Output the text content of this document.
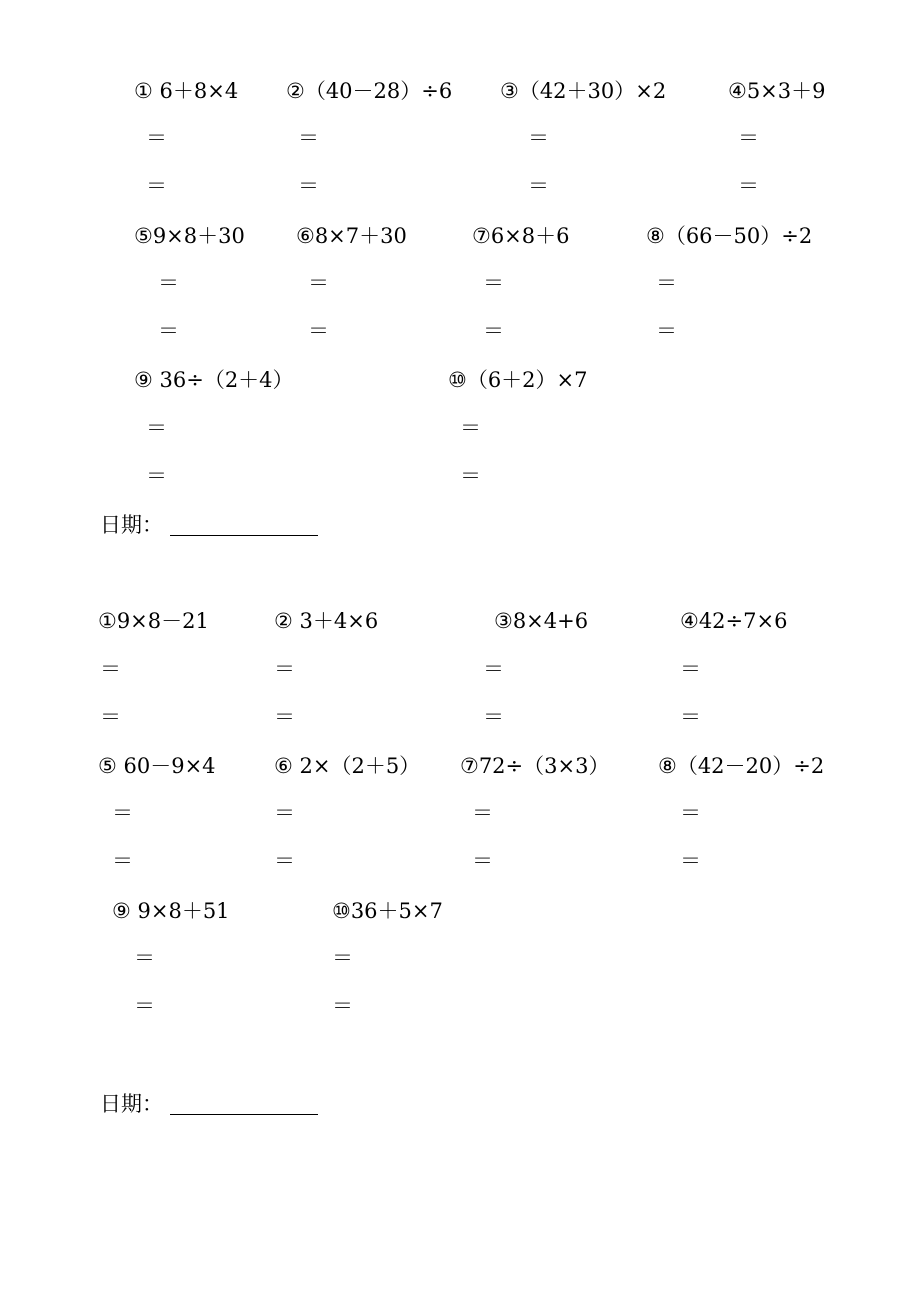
① 6＋8×4 ②（40－28）÷6 ③（42＋30）×2	④5×3＋9
＝	＝	＝	＝
＝	＝	＝	＝
⑤9×8＋30 ⑥8×7＋30	⑦6×8＋6	⑧（66－50）÷2
＝	＝	＝	＝
＝	＝	＝	＝
⑨ 36÷（2＋4）	⑩（6＋2）×7
＝	＝
＝	＝
日期：
①9×8－21	② 3＋4×6	③8×4+6	④42÷7×6
＝	＝	＝	＝
＝	＝	＝	＝
⑤ 60－9×4	⑥ 2×（2＋5） ⑦72÷（3×3） ⑧（42－20）÷2
＝	＝	＝	＝
＝	＝	＝	＝
⑨ 9×8＋51	⑩36＋5×7
＝	＝
＝	＝
日期：
